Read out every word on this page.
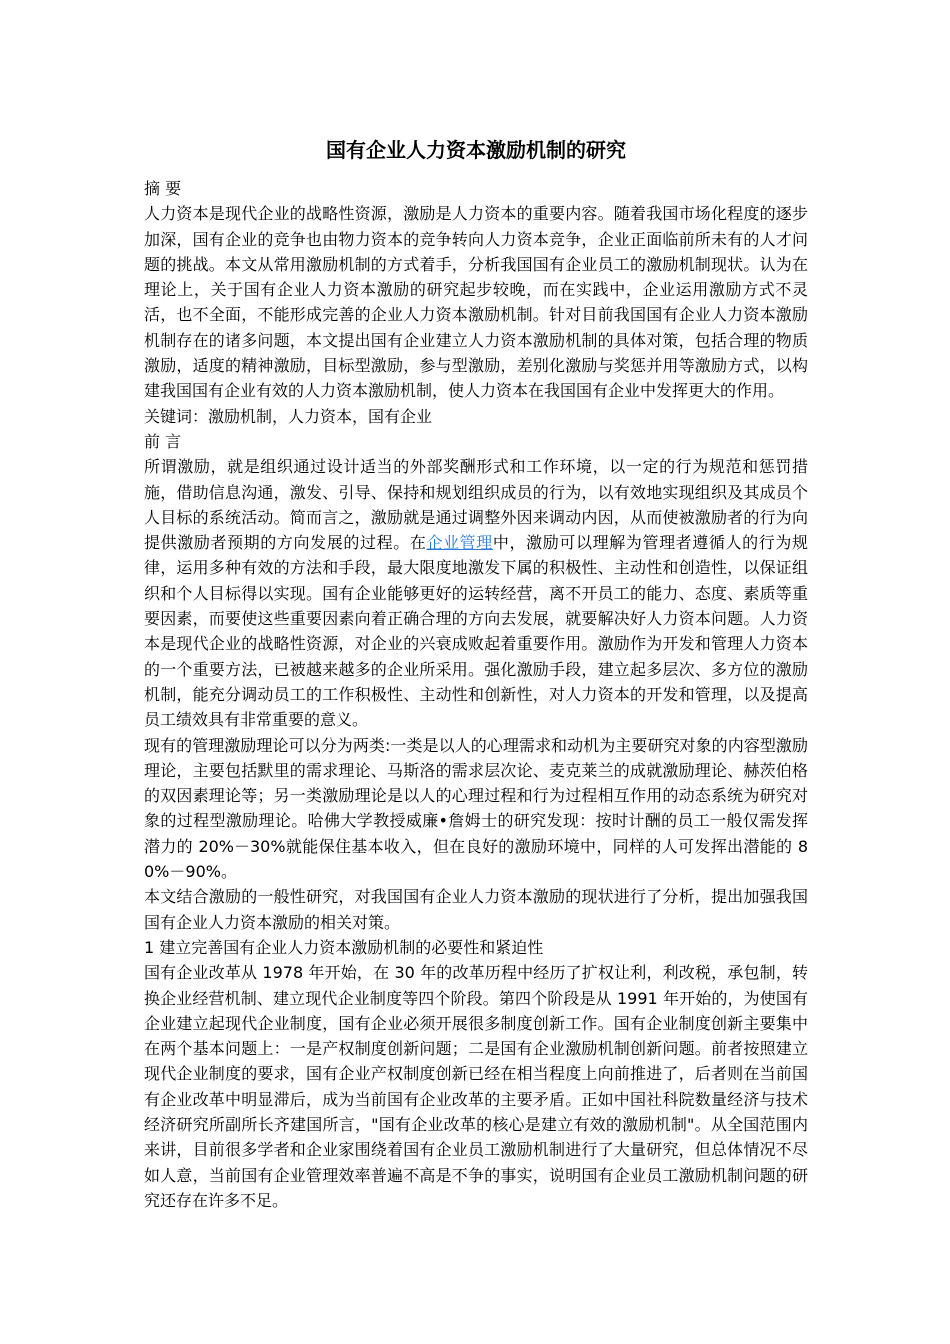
国有企业人力资本激励机制的研究

摘 要

人力资本是现代企业的战略性资源，激励是人力资本的重要内容。随着我国市场化程度的逐步加深，国有企业的竞争也由物力资本的竞争转向人力资本竞争，企业正面临前所未有的人才问题的挑战。本文从常用激励机制的方式着手，分析我国国有企业员工的激励机制现状。认为在理论上，关于国有企业人力资本激励的研究起步较晚，而在实践中，企业运用激励方式不灵活，也不全面，不能形成完善的企业人力资本激励机制。针对目前我国国有企业人力资本激励机制存在的诸多问题，本文提出国有企业建立人力资本激励机制的具体对策，包括合理的物质激励，适度的精神激励，目标型激励，参与型激励，差别化激励与奖惩并用等激励方式，以构建我国国有企业有效的人力资本激励机制，使人力资本在我国国有企业中发挥更大的作用。

关键词：激励机制，人力资本，国有企业

前 言

所谓激励，就是组织通过设计适当的外部奖酬形式和工作环境，以一定的行为规范和惩罚措施，借助信息沟通，激发、引导、保持和规划组织成员的行为，以有效地实现组织及其成员个人目标的系统活动。简而言之，激励就是通过调整外因来调动内因，从而使被激励者的行为向提供激励者预期的方向发展的过程。在企业管理中，激励可以理解为管理者遵循人的行为规律，运用多种有效的方法和手段，最大限度地激发下属的积极性、主动性和创造性，以保证组织和个人目标得以实现。国有企业能够更好的运转经营，离不开员工的能力、态度、素质等重要因素，而要使这些重要因素向着正确合理的方向去发展，就要解决好人力资本问题。人力资本是现代企业的战略性资源，对企业的兴衰成败起着重要作用。激励作为开发和管理人力资本的一个重要方法，已被越来越多的企业所采用。强化激励手段，建立起多层次、多方位的激励机制，能充分调动员工的工作积极性、主动性和创新性，对人力资本的开发和管理，以及提高员工绩效具有非常重要的意义。

现有的管理激励理论可以分为两类:一类是以人的心理需求和动机为主要研究对象的内容型激励理论，主要包括默里的需求理论、马斯洛的需求层次论、麦克莱兰的成就激励理论、赫茨伯格的双因素理论等；另一类激励理论是以人的心理过程和行为过程相互作用的动态系统为研究对象的过程型激励理论。哈佛大学教授威廉•詹姆士的研究发现：按时计酬的员工一般仅需发挥潜力的 20%－30%就能保住基本收入，但在良好的激励环境中，同样的人可发挥出潜能的 80%－90%。

本文结合激励的一般性研究，对我国国有企业人力资本激励的现状进行了分析，提出加强我国国有企业人力资本激励的相关对策。

1 建立完善国有企业人力资本激励机制的必要性和紧迫性

国有企业改革从 1978 年开始，在 30 年的改革历程中经历了扩权让利，利改税，承包制，转换企业经营机制、建立现代企业制度等四个阶段。第四个阶段是从 1991 年开始的，为使国有企业建立起现代企业制度，国有企业必须开展很多制度创新工作。国有企业制度创新主要集中在两个基本问题上：一是产权制度创新问题；二是国有企业激励机制创新问题。前者按照建立现代企业制度的要求，国有企业产权制度创新已经在相当程度上向前推进了，后者则在当前国有企业改革中明显滞后，成为当前国有企业改革的主要矛盾。正如中国社科院数量经济与技术经济研究所副所长齐建国所言，"国有企业改革的核心是建立有效的激励机制"。从全国范围内来讲，目前很多学者和企业家围绕着国有企业员工激励机制进行了大量研究，但总体情况不尽如人意，当前国有企业管理效率普遍不高是不争的事实，说明国有企业员工激励机制问题的研究还存在许多不足。
